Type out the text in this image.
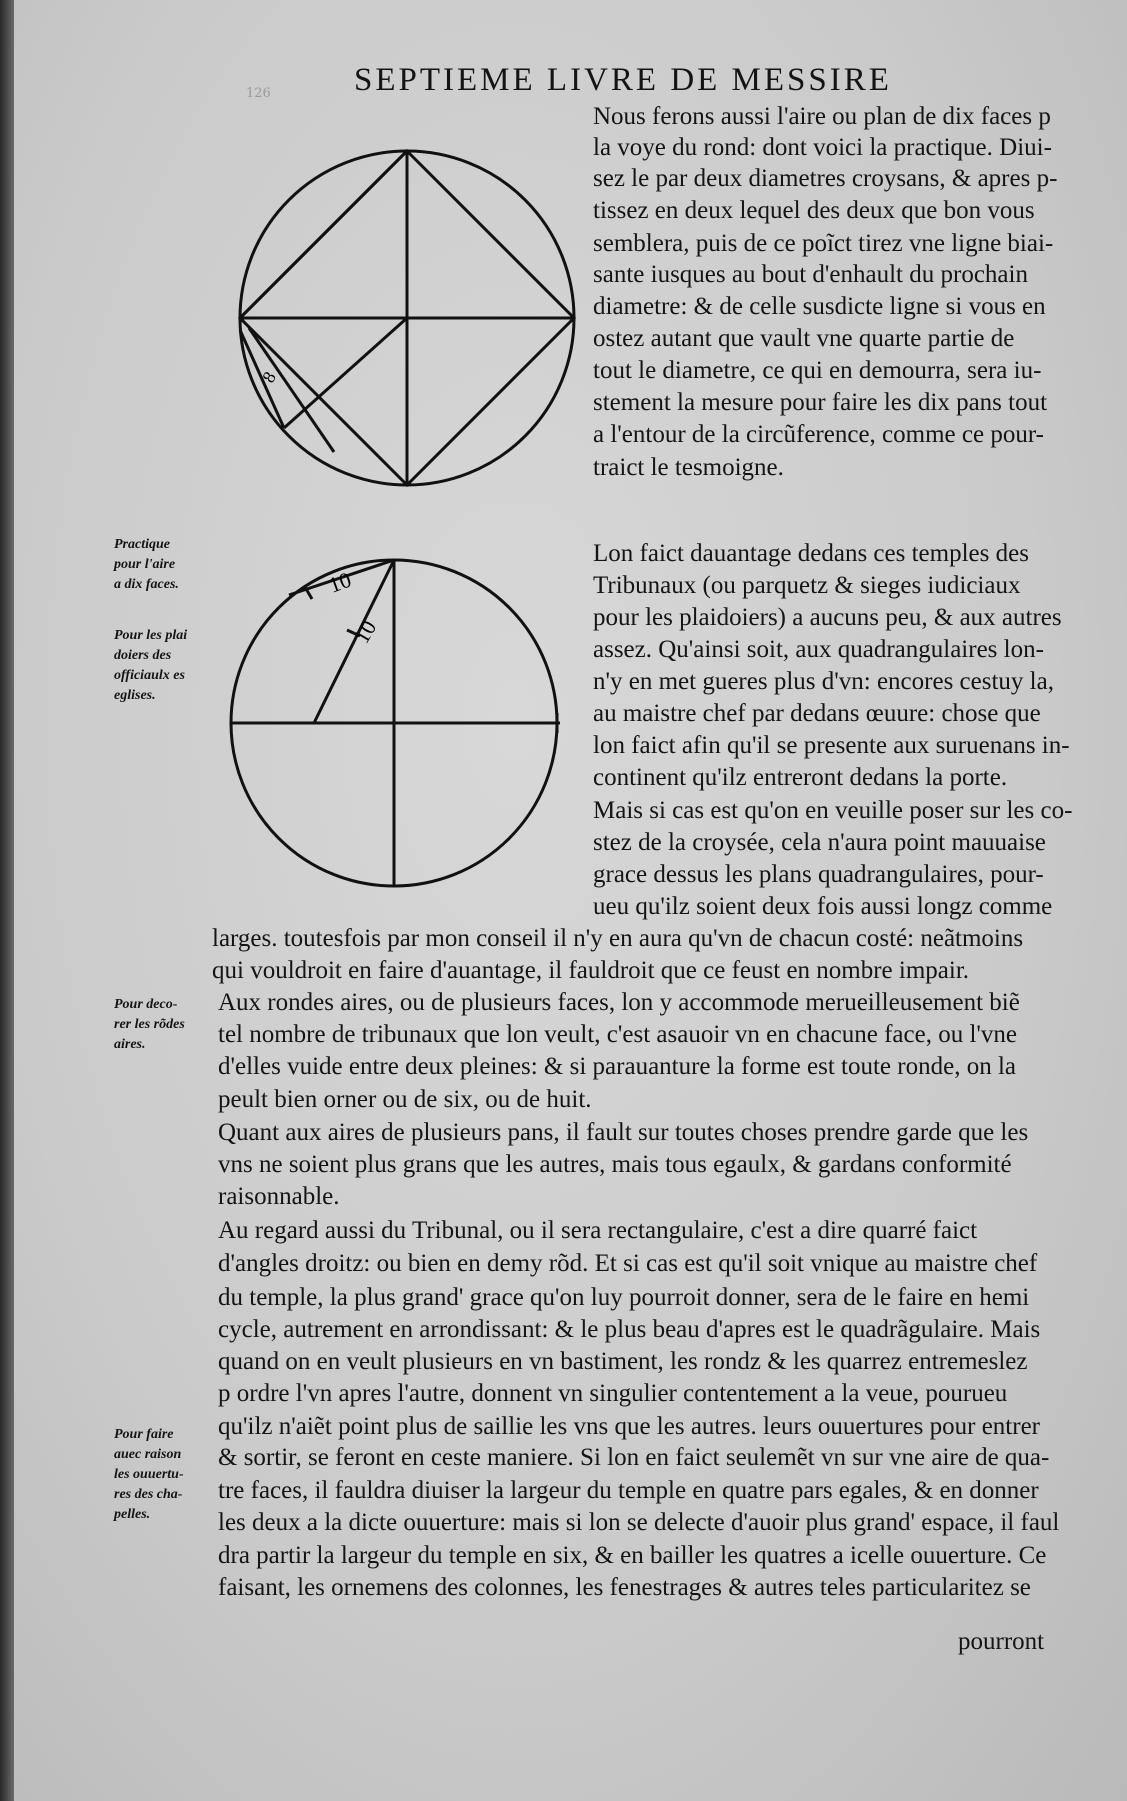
126	SEPTIEME LIVRE DE MESSIRE
8
10
10
Practique
pour l'aire
a dix faces.
Pour les plai
doiers des
officiaulx es
eglises.
Pour deco-
rer les rõdes
aires.
Pour faire
auec raison
les ouuertu-
res des cha-
pelles.
Nous ferons aussi l'aire ou plan de dix faces p
la voye du rond: dont voici la practique. Diui-
sez le par deux diametres croysans, & apres p-
tissez en deux lequel des deux que bon vous
semblera, puis de ce poĩct tirez vne ligne biai-
sante iusques au bout d'enhault du prochain
diametre: & de celle susdicte ligne si vous en
ostez autant que vault vne quarte partie de
tout le diametre, ce qui en demourra, sera iu-
stement la mesure pour faire les dix pans tout
a l'entour de la circũference, comme ce pour-
traict le tesmoigne.
Lon faict dauantage dedans ces temples des
Tribunaux (ou parquetz & sieges iudiciaux
pour les plaidoiers) a aucuns peu, & aux autres
assez. Qu'ainsi soit, aux quadrangulaires lon-
n'y en met gueres plus d'vn: encores cestuy la,
au maistre chef par dedans œuure: chose que
lon faict afin qu'il se presente aux suruenans in-
continent qu'ilz entreront dedans la porte.
Mais si cas est qu'on en veuille poser sur les co-
stez de la croysée, cela n'aura point mauuaise
grace dessus les plans quadrangulaires, pour-
ueu qu'ilz soient deux fois aussi longz comme
larges. toutesfois par mon conseil il n'y en aura qu'vn de chacun costé: neãtmoins
qui vouldroit en faire d'auantage, il fauldroit que ce feust en nombre impair.
Aux rondes aires, ou de plusieurs faces, lon y accommode merueilleusement biẽ
tel nombre de tribunaux que lon veult, c'est asauoir vn en chacune face, ou l'vne
d'elles vuide entre deux pleines: & si parauanture la forme est toute ronde, on la
peult bien orner ou de six, ou de huit.
Quant aux aires de plusieurs pans, il fault sur toutes choses prendre garde que les
vns ne soient plus grans que les autres, mais tous egaulx, & gardans conformité
raisonnable.
Au regard aussi du Tribunal, ou il sera rectangulaire, c'est a dire quarré faict
d'angles droitz: ou bien en demy rõd. Et si cas est qu'il soit vnique au maistre chef
du temple, la plus grand' grace qu'on luy pourroit donner, sera de le faire en hemi
cycle, autrement en arrondissant: & le plus beau d'apres est le quadrãgulaire. Mais
quand on en veult plusieurs en vn bastiment, les rondz & les quarrez entremeslez
p ordre l'vn apres l'autre, donnent vn singulier contentement a la veue, pourueu
qu'ilz n'aiẽt point plus de saillie les vns que les autres. leurs ouuertures pour entrer
& sortir, se feront en ceste maniere. Si lon en faict seulemẽt vn sur vne aire de qua-
tre faces, il fauldra diuiser la largeur du temple en quatre pars egales, & en donner
les deux a la dicte ouuerture: mais si lon se delecte d'auoir plus grand' espace, il faul
dra partir la largeur du temple en six, & en bailler les quatres a icelle ouuerture. Ce
faisant, les ornemens des colonnes, les fenestrages & autres teles particularitez se
pourront
